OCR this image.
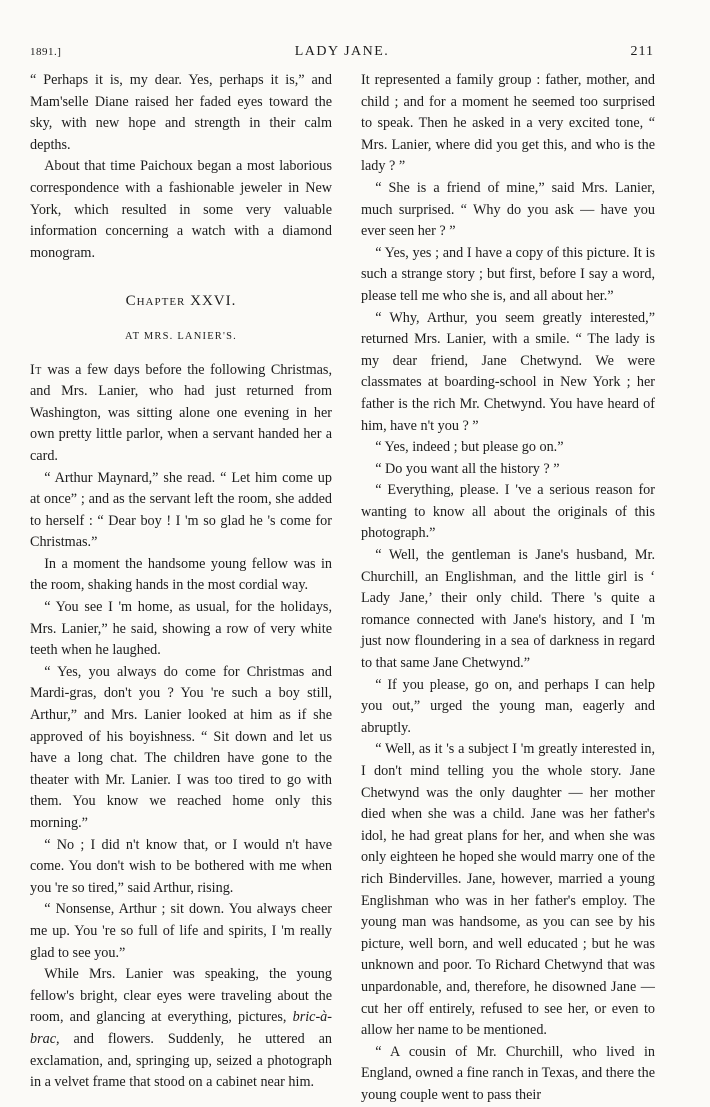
1891.]	LADY JANE.	211

“ Perhaps it is, my dear. Yes, perhaps it is,” and Mam'selle Diane raised her faded eyes toward the sky, with new hope and strength in their calm depths.

About that time Paichoux began a most laborious correspondence with a fashionable jeweler in New York, which resulted in some very valuable information concerning a watch with a diamond monogram.

Chapter XXVI.

AT MRS. LANIER'S.

It was a few days before the following Christmas, and Mrs. Lanier, who had just returned from Washington, was sitting alone one evening in her own pretty little parlor, when a servant handed her a card.

“ Arthur Maynard,” she read. “ Let him come up at once” ; and as the servant left the room, she added to herself : “ Dear boy ! I 'm so glad he 's come for Christmas.”

In a moment the handsome young fellow was in the room, shaking hands in the most cordial way.

“ You see I 'm home, as usual, for the holidays, Mrs. Lanier,” he said, showing a row of very white teeth when he laughed.

“ Yes, you always do come for Christmas and Mardi-gras, don't you ? You 're such a boy still, Arthur,” and Mrs. Lanier looked at him as if she approved of his boyishness. “ Sit down and let us have a long chat. The children have gone to the theater with Mr. Lanier. I was too tired to go with them. You know we reached home only this morning.”

“ No ; I did n't know that, or I would n't have come. You don't wish to be bothered with me when you 're so tired,” said Arthur, rising.

“ Nonsense, Arthur ; sit down. You always cheer me up. You 're so full of life and spirits, I 'm really glad to see you.”

While Mrs. Lanier was speaking, the young fellow's bright, clear eyes were traveling about the room, and glancing at everything, pictures, bric-à-brac, and flowers. Suddenly, he uttered an exclamation, and, springing up, seized a photograph in a velvet frame that stood on a cabinet near him.

It represented a family group : father, mother, and child ; and for a moment he seemed too surprised to speak. Then he asked in a very excited tone, “ Mrs. Lanier, where did you get this, and who is the lady ? ”

“ She is a friend of mine,” said Mrs. Lanier, much surprised. “ Why do you ask — have you ever seen her ? ”

“ Yes, yes ; and I have a copy of this picture. It is such a strange story ; but first, before I say a word, please tell me who she is, and all about her.”

“ Why, Arthur, you seem greatly interested,” returned Mrs. Lanier, with a smile. “ The lady is my dear friend, Jane Chetwynd. We were classmates at boarding-school in New York ; her father is the rich Mr. Chetwynd. You have heard of him, have n't you ? ”

“ Yes, indeed ; but please go on.”

“ Do you want all the history ? ”

“ Everything, please. I 've a serious reason for wanting to know all about the originals of this photograph.”

“ Well, the gentleman is Jane's husband, Mr. Churchill, an Englishman, and the little girl is ‘ Lady Jane,’ their only child. There 's quite a romance connected with Jane's history, and I 'm just now floundering in a sea of darkness in regard to that same Jane Chetwynd.”

“ If you please, go on, and perhaps I can help you out,” urged the young man, eagerly and abruptly.

“ Well, as it 's a subject I 'm greatly interested in, I don't mind telling you the whole story. Jane Chetwynd was the only daughter — her mother died when she was a child. Jane was her father's idol, he had great plans for her, and when she was only eighteen he hoped she would marry one of the rich Bindervilles. Jane, however, married a young Englishman who was in her father's employ. The young man was handsome, as you can see by his picture, well born, and well educated ; but he was unknown and poor. To Richard Chetwynd that was unpardonable, and, therefore, he disowned Jane — cut her off entirely, refused to see her, or even to allow her name to be mentioned.

“ A cousin of Mr. Churchill, who lived in England, owned a fine ranch in Texas, and there the young couple went to pass their
